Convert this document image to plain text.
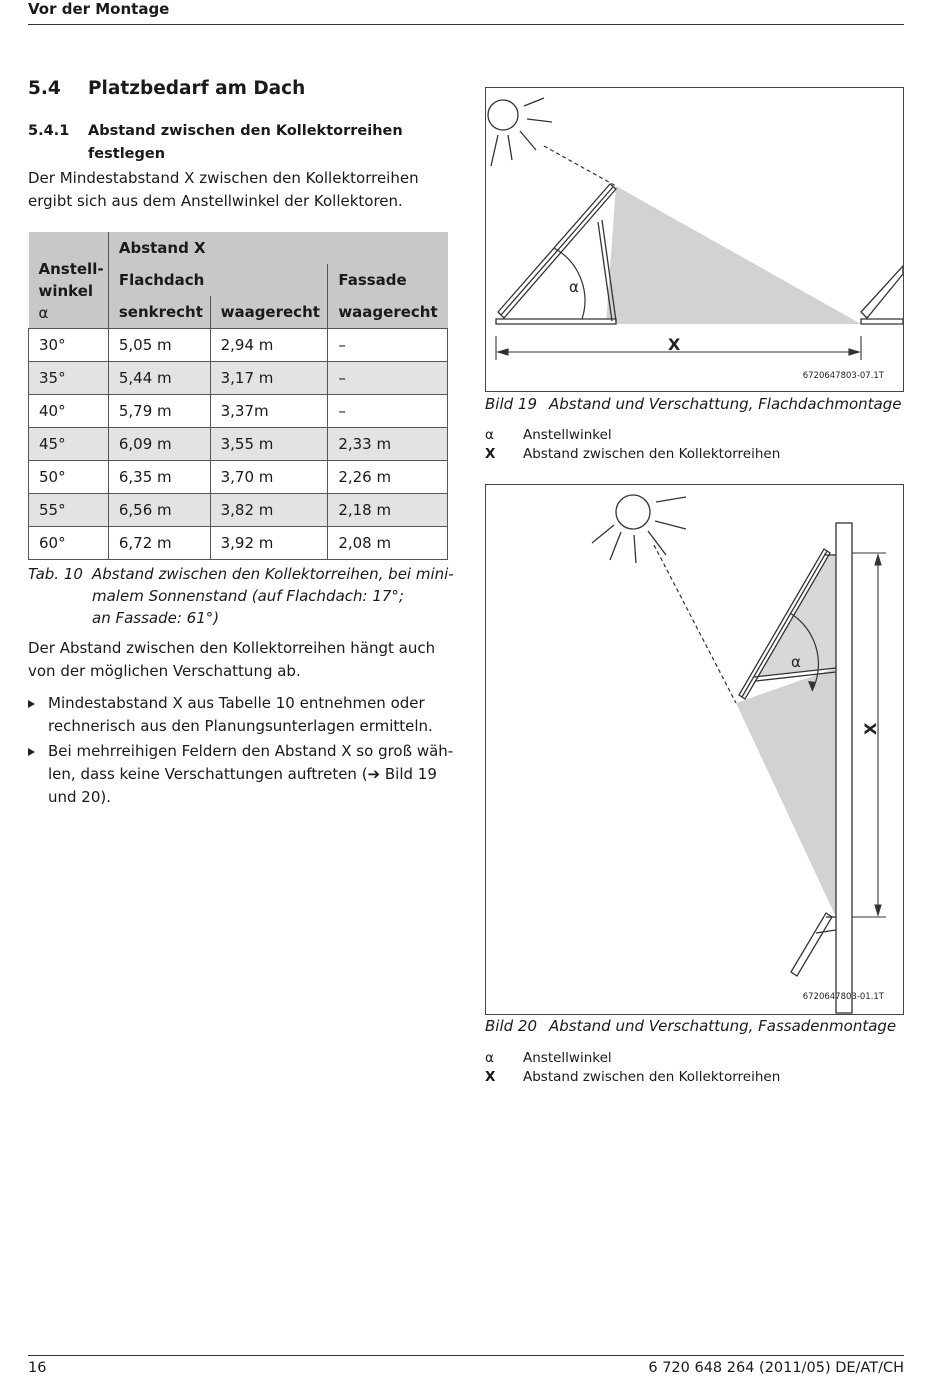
Vor der Montage
5.4 Platzbedarf am Dach
5.4.1 Abstand zwischen den Kollektorreihen
festlegen
Der Mindestabstand X zwischen den Kollektorreihen
ergibt sich aus dem Anstellwinkel der Kollektoren.
Anstell-
winkel
α	Abstand X		
	Flachdach		Fassade
	senkrecht	waagerecht	waagerecht
30°	5,05 m	2,94 m	–
35°	5,44 m	3,17 m	–
40°	5,79 m	3,37m	–
45°	6,09 m	3,55 m	2,33 m
50°	6,35 m	3,70 m	2,26 m
55°	6,56 m	3,82 m	2,18 m
60°	6,72 m	3,92 m	2,08 m
Tab. 10 Abstand zwischen den Kollektorreihen, bei mini-
malem Sonnenstand (auf Flachdach: 17°;
an Fassade: 61°)
Der Abstand zwischen den Kollektorreihen hängt auch
von der möglichen Verschattung ab.
Mindestabstand X aus Tabelle 10 entnehmen oder
rechnerisch aus den Planungsunterlagen ermitteln.
Bei mehrreihigen Feldern den Abstand X so groß wäh-
len, dass keine Verschattungen auftreten (➔ Bild 19
und 20).
α
X
6720647803-07.1T
Bild 19 Abstand und Verschattung, Flachdachmontage
α Anstellwinkel
X Abstand zwischen den Kollektorreihen
α
X
6720647803-01.1T
Bild 20 Abstand und Verschattung, Fassadenmontage
α Anstellwinkel
X Abstand zwischen den Kollektorreihen
16	6 720 648 264 (2011/05) DE/AT/CH
